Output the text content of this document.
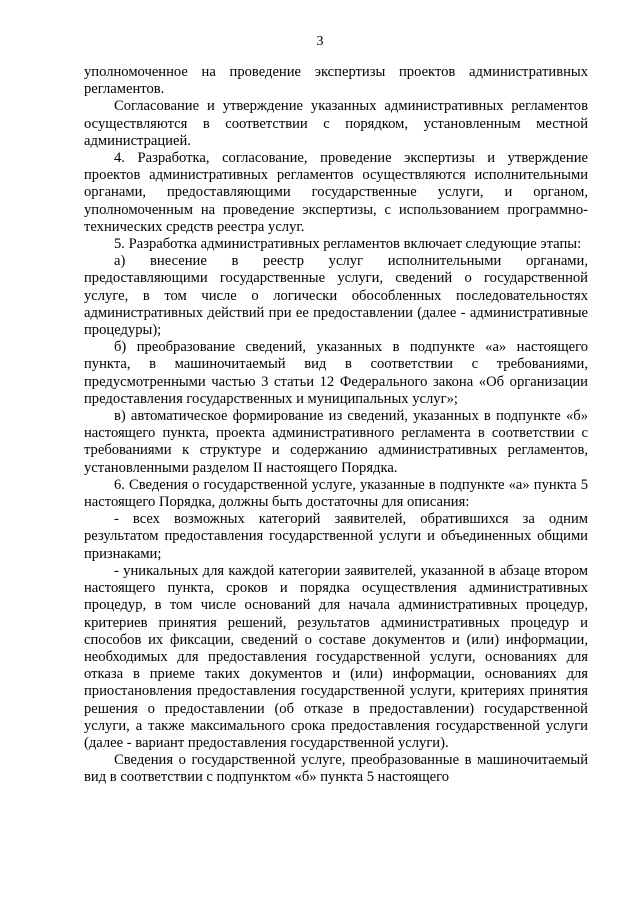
3

уполномоченное на проведение экспертизы проектов административных регламентов.

Согласование и утверждение указанных административных регламентов осуществляются в соответствии с порядком, установленным местной администрацией.

4. Разработка, согласование, проведение экспертизы и утверждение проектов административных регламентов осуществляются исполнительными органами, предоставляющими государственные услуги, и органом, уполномоченным на проведение экспертизы, с использованием программно-технических средств реестра услуг.

5. Разработка административных регламентов включает следующие этапы:

а) внесение в реестр услуг исполнительными органами, предоставляющими государственные услуги, сведений о государственной услуге, в том числе о логически обособленных последовательностях административных действий при ее предоставлении (далее - административные процедуры);

б) преобразование сведений, указанных в подпункте «а» настоящего пункта, в машиночитаемый вид в соответствии с требованиями, предусмотренными частью 3 статьи 12 Федерального закона «Об организации предоставления государственных и муниципальных услуг»;

в) автоматическое формирование из сведений, указанных в подпункте «б» настоящего пункта, проекта административного регламента в соответствии с требованиями к структуре и содержанию административных регламентов, установленными разделом II настоящего Порядка.

6. Сведения о государственной услуге, указанные в подпункте «а» пункта 5 настоящего Порядка, должны быть достаточны для описания:

- всех возможных категорий заявителей, обратившихся за одним результатом предоставления государственной услуги и объединенных общими признаками;

- уникальных для каждой категории заявителей, указанной в абзаце втором настоящего пункта, сроков и порядка осуществления административных процедур, в том числе оснований для начала административных процедур, критериев принятия решений, результатов административных процедур и способов их фиксации, сведений о составе документов и (или) информации, необходимых для предоставления государственной услуги, основаниях для отказа в приеме таких документов и (или) информации, основаниях для приостановления предоставления государственной услуги, критериях принятия решения о предоставлении (об отказе в предоставлении) государственной услуги, а также максимального срока предоставления государственной услуги (далее - вариант предоставления государственной услуги).

Сведения о государственной услуге, преобразованные в машиночитаемый вид в соответствии с подпунктом «б» пункта 5 настоящего
